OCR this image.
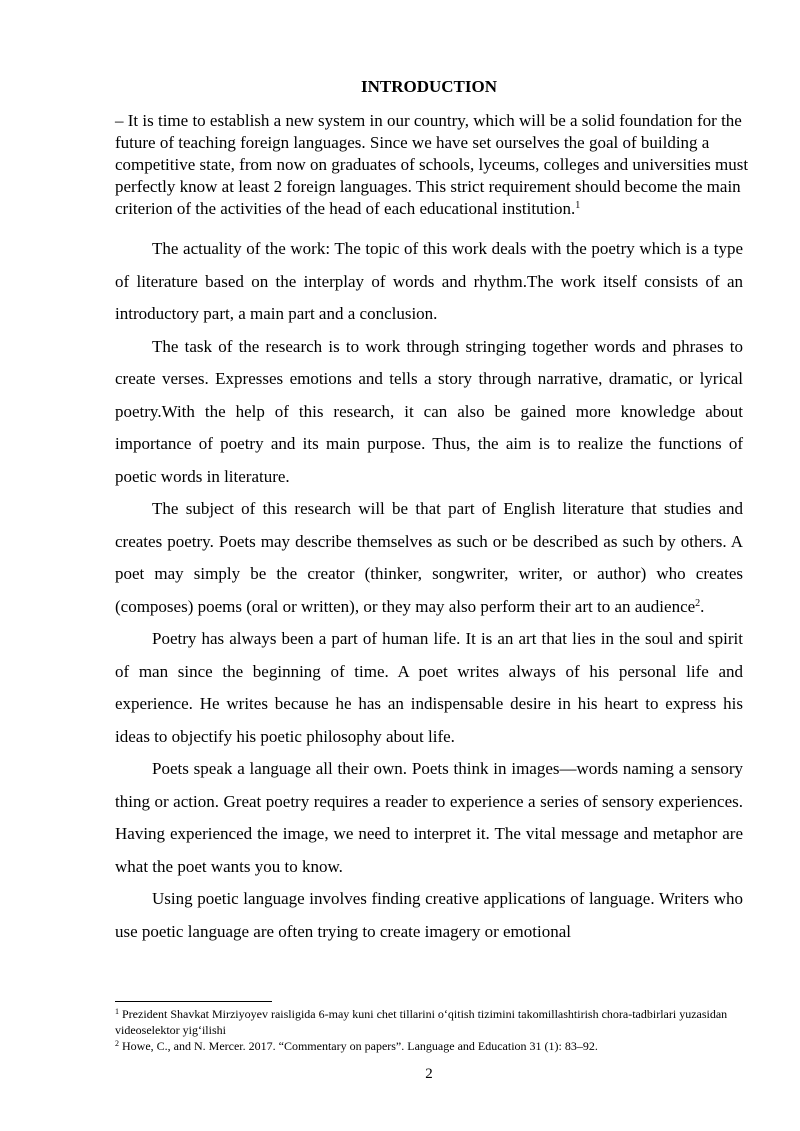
INTRODUCTION
– It is time to establish a new system in our country, which will be a solid foundation for the future of teaching foreign languages. Since we have set ourselves the goal of building a competitive state, from now on graduates of schools, lyceums, colleges and universities must perfectly know at least 2 foreign languages. This strict requirement should become the main criterion of the activities of the head of each educational institution.$^1$

The actuality of the work: The topic of this work deals with the poetry which is a type of literature based on the interplay of words and rhythm.The work itself consists of an introductory part, a main part and a conclusion.

The task of the research is to work through stringing together words and phrases to create verses. Expresses emotions and tells a story through narrative, dramatic, or lyrical poetry.With the help of this research, it can also be gained more knowledge about importance of poetry and its main purpose. Thus, the aim is to realize the functions of poetic words in literature.

The subject of this research will be that part of English literature that studies and creates poetry. Poets may describe themselves as such or be described as such by others. A poet may simply be the creator (thinker, songwriter, writer, or author) who creates (composes) poems (oral or written), or they may also perform their art to an audience$^2$.

Poetry has always been a part of human life. It is an art that lies in the soul and spirit of man since the beginning of time. A poet writes always of his personal life and experience. He writes because he has an indispensable desire in his heart to express his ideas to objectify his poetic philosophy about life.

Poets speak a language all their own. Poets think in images—words naming a sensory thing or action. Great poetry requires a reader to experience a series of sensory experiences. Having experienced the image, we need to interpret it. The vital message and metaphor are what the poet wants you to know.

Using poetic language involves finding creative applications of language. Writers who use poetic language are often trying to create imagery or emotional

$^1$ Prezident Shavkat Mirziyoyev raisligida 6-may kuni chet tillarini o‘qitish tizimini takomillashtirish chora-tadbirlari yuzasidan videoselektor yig‘ilishi

$^2$ Howe, C., and N. Mercer. 2017. “Commentary on papers”. Language and Education 31 (1): 83–92.

2
